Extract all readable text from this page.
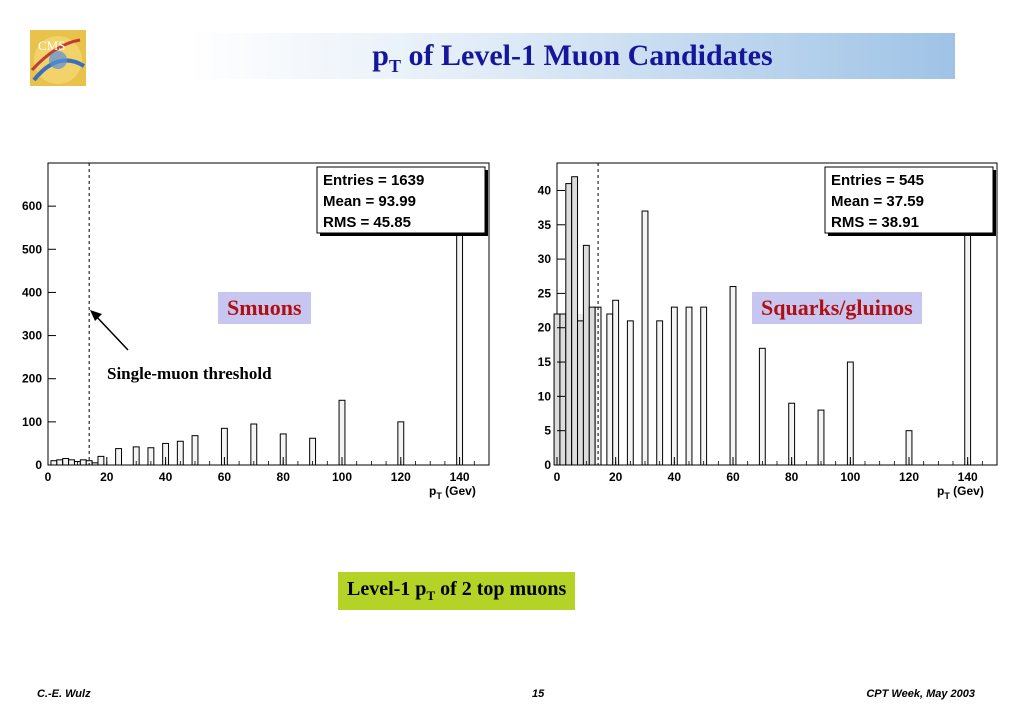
CMS	$p_T$ of Level-1 Muon Candidates
0	20	40	60	80	100	120	140
0
100
200
300
400
500
600
$p_T$ (Gev)
Entries = 1639
Mean = 93.99
RMS = 45.85
0	20	40	60	80	100	120	140
0
5
10
15
20
25
30
35
40
$p_T$ (Gev)
Entries = 545
Mean = 37.59
RMS = 38.91
Smuons	Squarks/gluinos
Single-muon threshold
Level-1 $p_T$ of 2 top muons
C.-E. Wulz	15	CPT Week, May 2003
